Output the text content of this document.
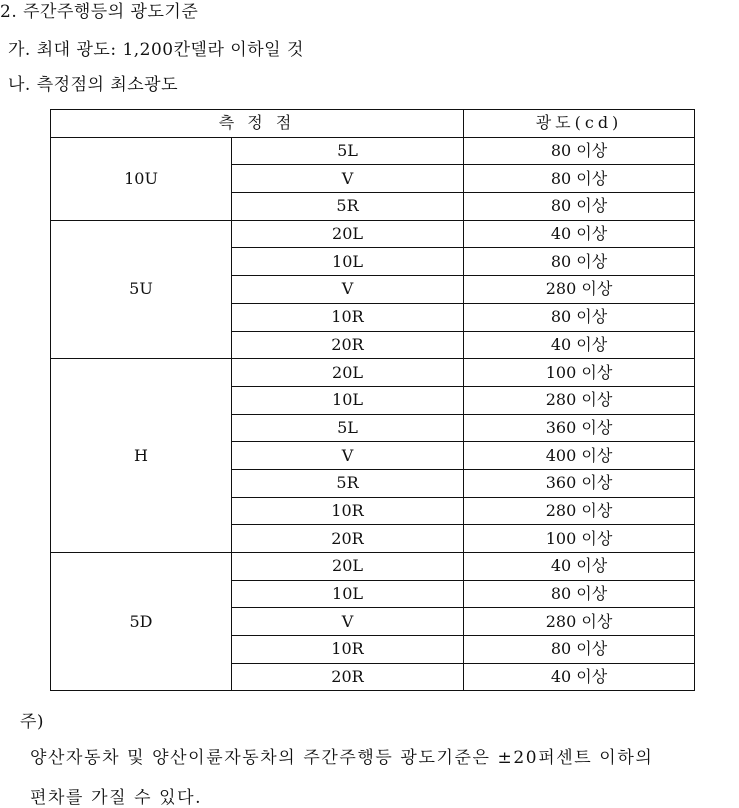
2. 주간주행등의 광도기준
가. 최대 광도: 1,200칸델라 이하일 것
나. 측정점의 최소광도
측 정 점		광도(cd)
10U	5L	80 이상
	V	80 이상
	5R	80 이상
5U	20L	40 이상
	10L	80 이상
	V	280 이상
	10R	80 이상
	20R	40 이상
H	20L	100 이상
	10L	280 이상
	5L	360 이상
	V	400 이상
	5R	360 이상
	10R	280 이상
	20R	100 이상
5D	20L	40 이상
	10L	80 이상
	V	280 이상
	10R	80 이상
	20R	40 이상
주)
양산자동차 및 양산이륜자동차의 주간주행등 광도기준은 ±20퍼센트 이하의
편차를 가질 수 있다.
